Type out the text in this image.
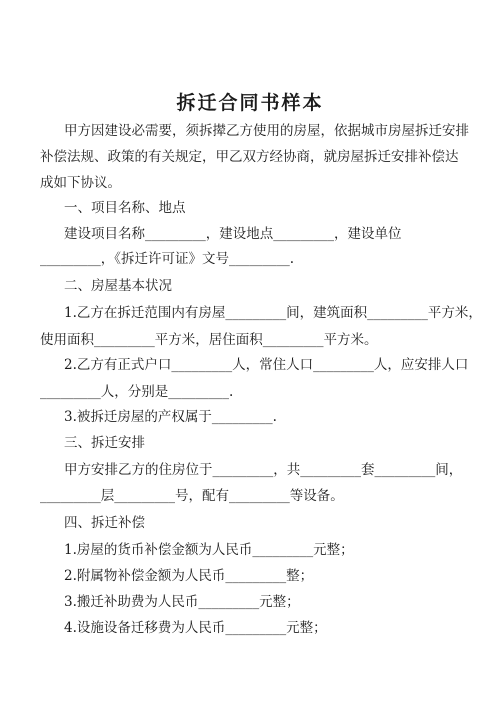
拆迁合同书样本
甲方因建设必需要，须拆撵乙方使用的房屋，依据城市房屋拆迁安排
补偿法规、政策的有关规定，甲乙双方经协商，就房屋拆迁安排补偿达
成如下协议。
一、项目名称、地点
建设项目名称_________，建设地点_________，建设单位
_________，《拆迁许可证》文号_________.
二、房屋基本状况
1.乙方在拆迁范围内有房屋_________间，建筑面积_________平方米，
使用面积_________平方米，居住面积_________平方米。
2.乙方有正式户口_________人，常住人口_________人，应安排人口
_________人，分别是_________.
3.被拆迁房屋的产权属于_________.
三、拆迁安排
甲方安排乙方的住房位于_________，共_________套_________间，
_________层_________号，配有_________等设备。
四、拆迁补偿
1.房屋的货币补偿金额为人民币_________元整；
2.附属物补偿金额为人民币_________整；
3.搬迁补助费为人民币_________元整；
4.设施设备迁移费为人民币_________元整；
